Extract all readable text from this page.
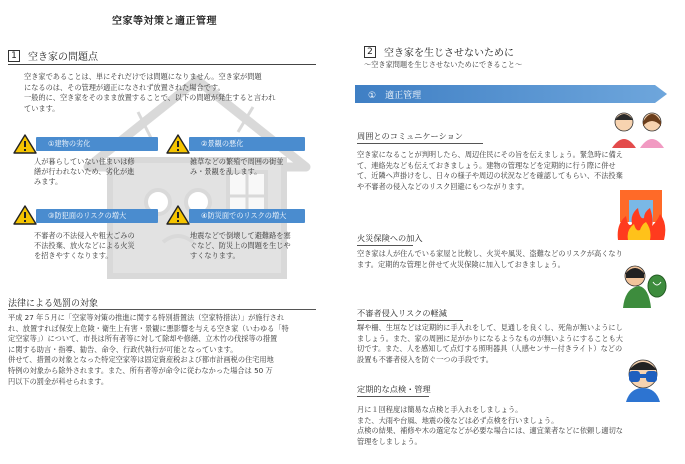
空家等対策と適正管理
1	空き家の問題点
空き家であることは、単にそれだけでは問題になりません。空き家が問題
になるのは、その管理が適正になされず放置された場合です。
一般的に、空き家をそのまま放置することで、以下の問題が発生すると言われ
ています。
①建物の劣化
人が暮らしていない住まいは修
繕が行われないため、劣化が進
みます。
②景観の悪化
雑草などの繁殖で周囲の街並
み・景観を乱します。
③防犯面のリスクの増大
不審者の不法侵入や粗大ごみの
不法投棄、放火などによる火災
を招きやすくなります。
④防災面でのリスクの増大
地震などで倒壊して避難路を塞
ぐなど、防災上の問題を生じや
すくなります。
法律による処罰の対象
平成 27 年５月に「空家等対策の推進に関する特別措置法（空家特措法）」が施行され
れ、放置すれば保安上危険・衛生上有害・景観に悪影響を与える空き家（いわゆる「特
定空家等」）について、市長は所有者等に対して除却や修繕、立木竹の伐採等の措置
に関する助言・指導、勧告、命令、行政代執行が可能となっています。
併せて、措置の対象となった特定空家等は固定資産税および都市計画税の住宅用地
特例の対象から除外されます。また、所有者等が命令に従わなかった場合は 50 万
円以下の罰金が科せられます。
2	空き家を生じさせないために
～空き家問題を生じさせないためにできること～
①　適正管理
周囲とのコミュニケーション
空き家になることが判明したら、周辺住民にその旨を伝えましょう。緊急時に備え
て、連絡先なども伝えておきましょう。建物の管理などを定期的に行う際に併せ
て、近隣へ声掛けをし、日々の様子や周辺の状況などを確認してもらい、不法投棄
や不審者の侵入などのリスク回避にもつながります。
火災保険への加入
空き家は人が住んでいる家屋と比較し、火災や風災、盗難などのリスクが高くなり
ます。定期的な管理と併せて火災保険に加入しておきましょう。
不審者侵入リスクの軽減
塀や柵、生垣などは定期的に手入れをして、見通しを良くし、死角が無いようにし
ましょう。また、家の周囲に足がかりになるようなものが無いようにすることも大
切です。また、人を感知して点灯する照明器具（人感センサー付きライト）などの
設置も不審者侵入を防ぐ一つの手段です。
定期的な点検・管理
月に１回程度は簡易な点検と手入れをしましょう。
また、大雨や台風、地震の後などは必ず点検を行いましょう。
点検の結果、補修や木の選定などが必要な場合には、適宜業者などに依頼し適切な
管理をしましょう。
